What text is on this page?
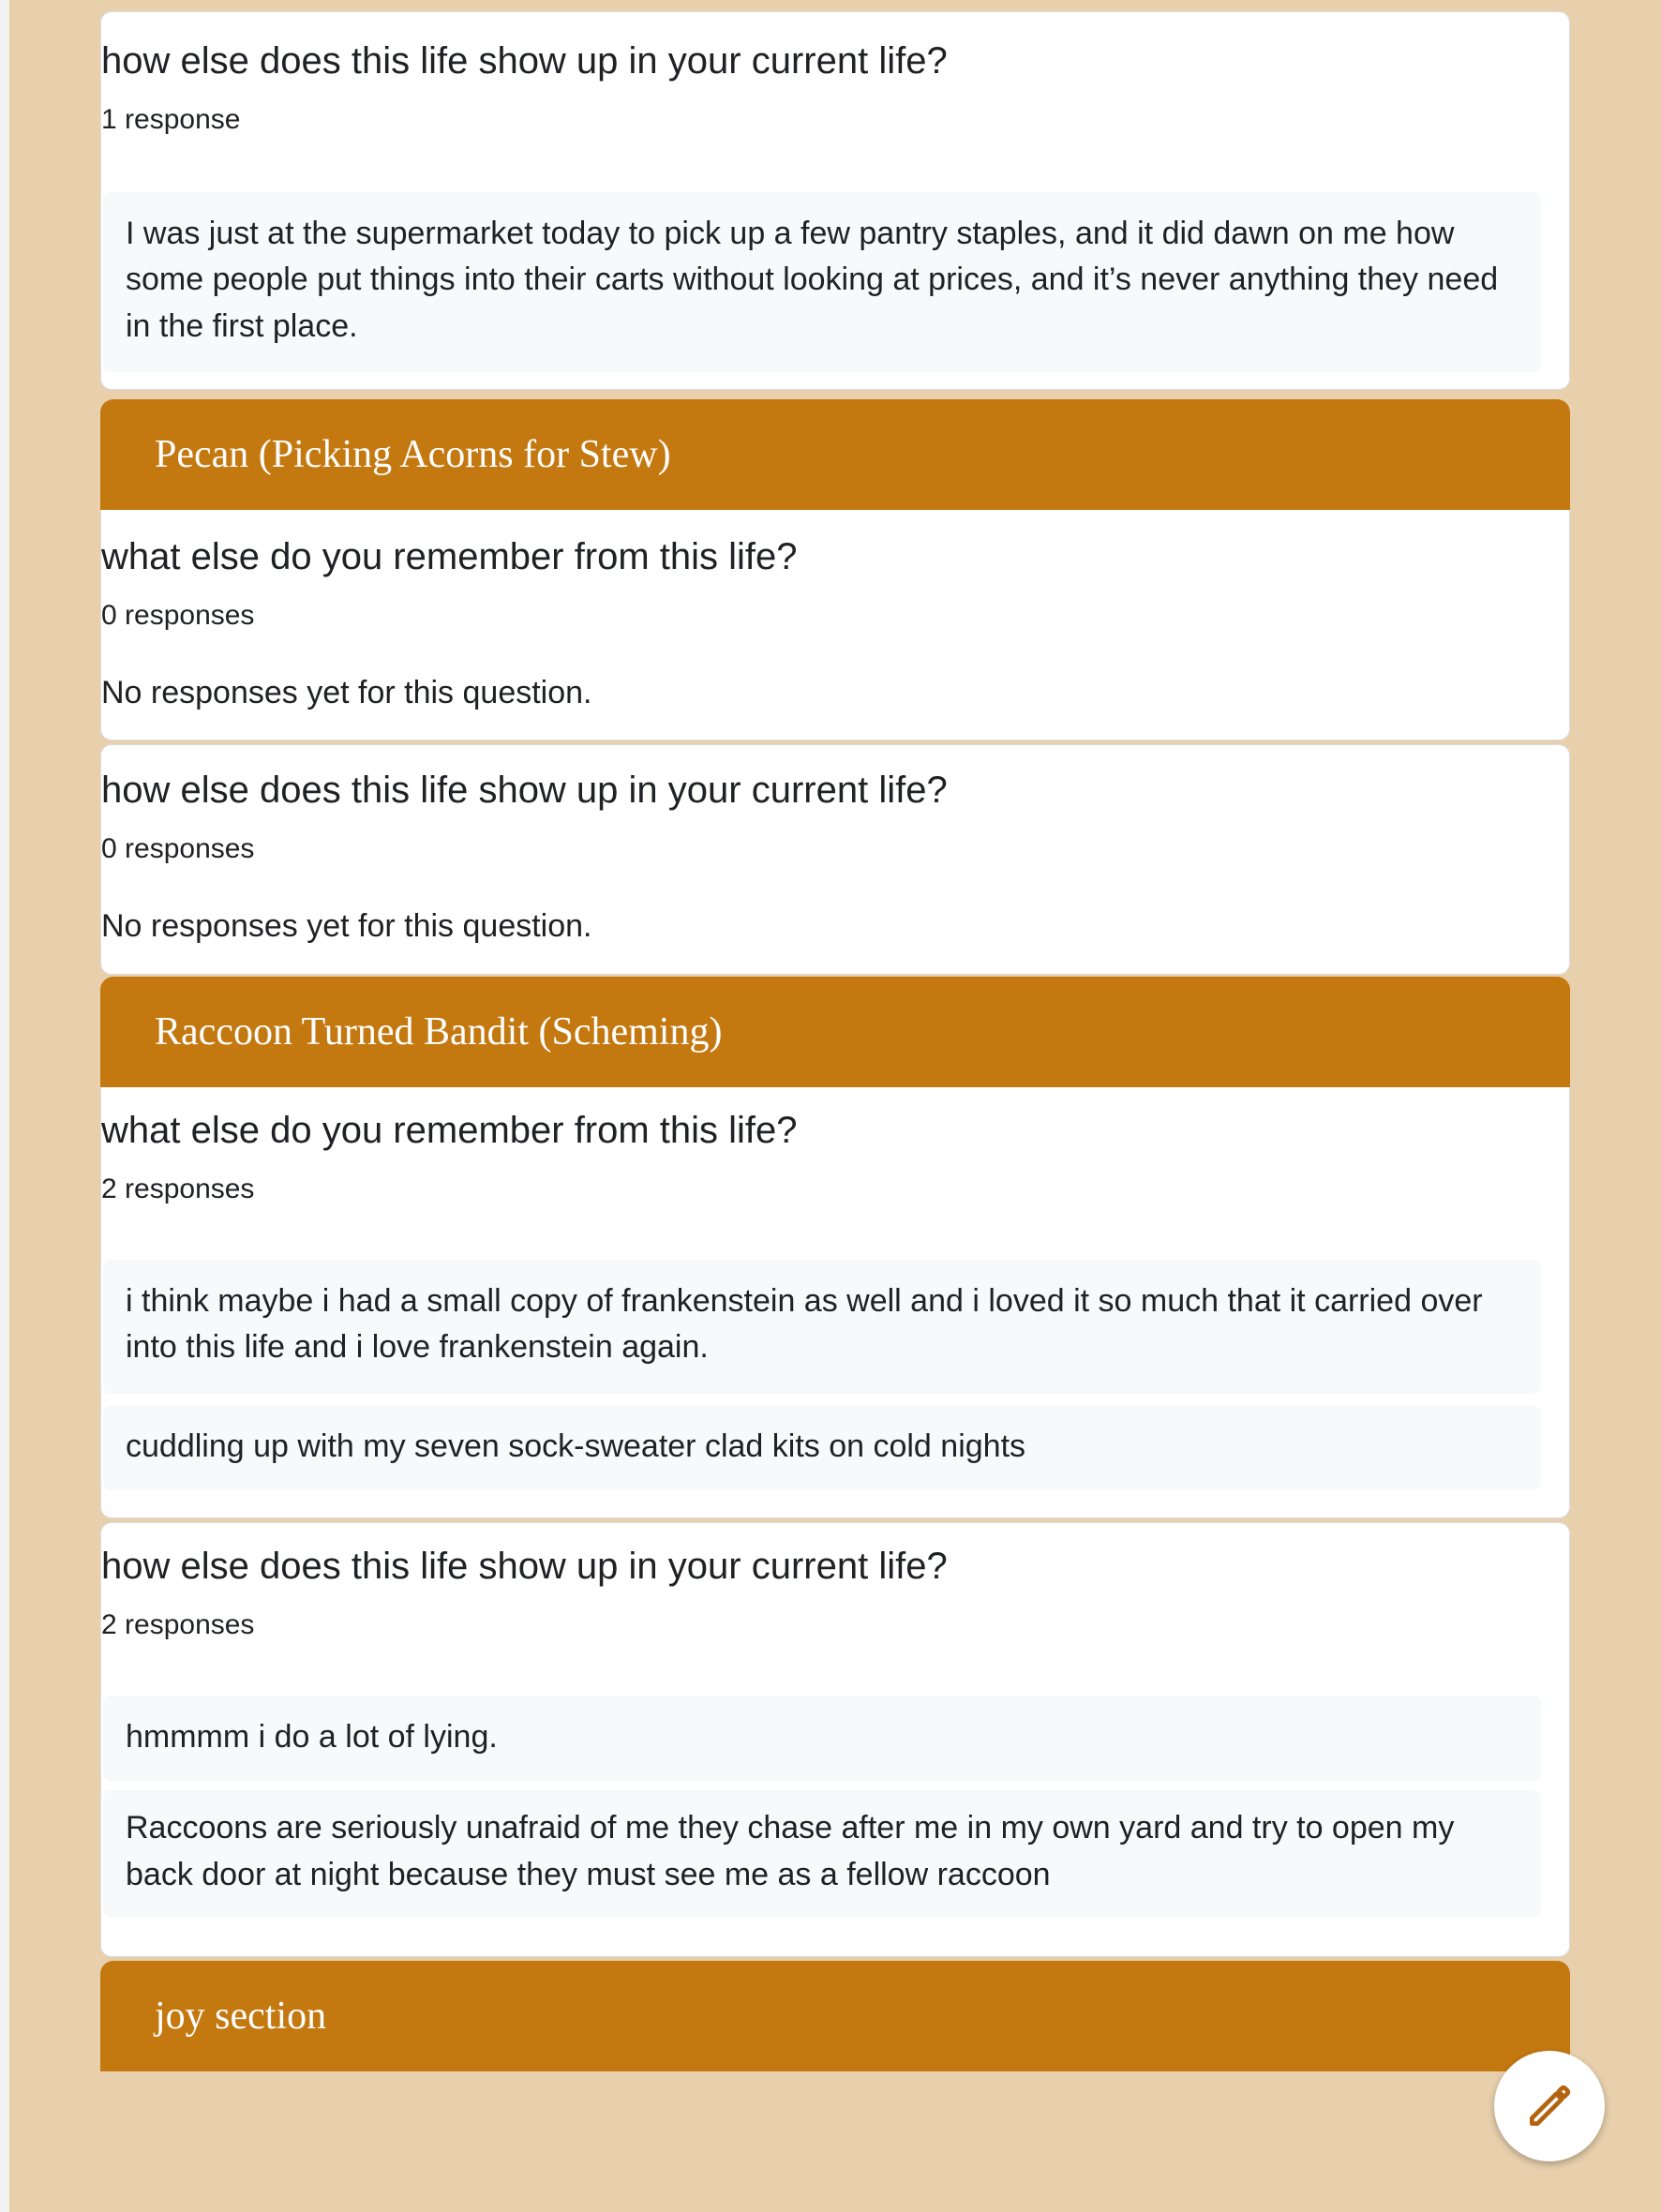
how else does this life show up in your current life?
1 response
I was just at the supermarket today to pick up a few pantry staples, and it did dawn on me how some people put things into their carts without looking at prices, and it’s never anything they need in the first place.
Pecan (Picking Acorns for Stew)
what else do you remember from this life?
0 responses
No responses yet for this question.
how else does this life show up in your current life?
0 responses
No responses yet for this question.
Raccoon Turned Bandit (Scheming)
what else do you remember from this life?
2 responses
i think maybe i had a small copy of frankenstein as well and i loved it so much that it carried over into this life and i love frankenstein again.
cuddling up with my seven sock-sweater clad kits on cold nights
how else does this life show up in your current life?
2 responses
hmmmm i do a lot of lying.
Raccoons are seriously unafraid of me they chase after me in my own yard and try to open my back door at night because they must see me as a fellow raccoon
joy section
